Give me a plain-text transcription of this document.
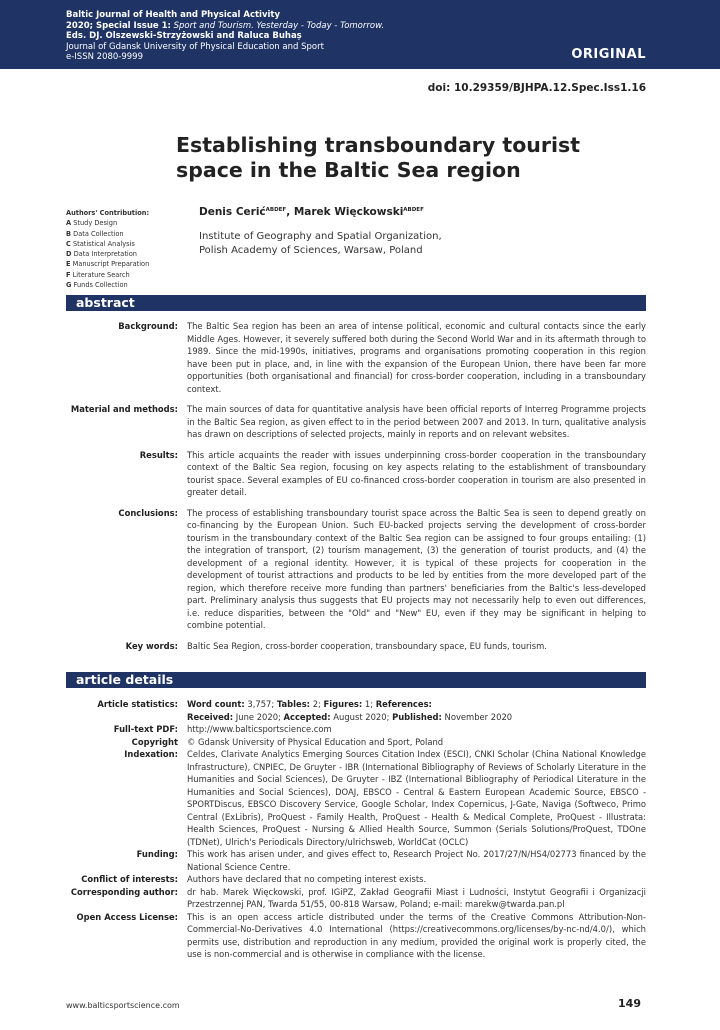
Baltic Journal of Health and Physical Activity
2020; Special Issue 1: Sport and Tourism. Yesterday - Today - Tomorrow.
Eds. DJ. Olszewski-Strzyżowski and Raluca Buhaș
Journal of Gdansk University of Physical Education and Sport
e-ISSN 2080-9999	ORIGINAL
doi: 10.29359/BJHPA.12.Spec.Iss1.16
Establishing transboundary tourist space in the Baltic Sea region
Authors' Contribution:
A Study Design
B Data Collection
C Statistical Analysis
D Data Interpretation
E Manuscript Preparation
F Literature Search
G Funds Collection
Denis Cerić$^{ABDEF}$, Marek Więckowski$^{ABDEF}$
Institute of Geography and Spatial Organization,
Polish Academy of Sciences, Warsaw, Poland
abstract
Background: The Baltic Sea region has been an area of intense political, economic and cultural contacts since the early Middle Ages. However, it severely suffered both during the Second World War and in its aftermath through to 1989. Since the mid-1990s, initiatives, programs and organisations promoting cooperation in this region have been put in place, and, in line with the expansion of the European Union, there have been far more opportunities (both organisational and financial) for cross-border cooperation, including in a transboundary context.
Material and methods: The main sources of data for quantitative analysis have been official reports of Interreg Programme projects in the Baltic Sea region, as given effect to in the period between 2007 and 2013. In turn, qualitative analysis has drawn on descriptions of selected projects, mainly in reports and on relevant websites.
Results: This article acquaints the reader with issues underpinning cross-border cooperation in the transboundary context of the Baltic Sea region, focusing on key aspects relating to the establishment of transboundary tourist space. Several examples of EU co-financed cross-border cooperation in tourism are also presented in greater detail.
Conclusions: The process of establishing transboundary tourist space across the Baltic Sea is seen to depend greatly on co-financing by the European Union. Such EU-backed projects serving the development of cross-border tourism in the transboundary context of the Baltic Sea region can be assigned to four groups entailing: (1) the integration of transport, (2) tourism management, (3) the generation of tourist products, and (4) the development of a regional identity. However, it is typical of these projects for cooperation in the development of tourist attractions and products to be led by entities from the more developed part of the region, which therefore receive more funding than partners' beneficiaries from the Baltic's less-developed part. Preliminary analysis thus suggests that EU projects may not necessarily help to even out differences, i.e. reduce disparities, between the "Old" and "New" EU, even if they may be significant in helping to combine potential.
Key words: Baltic Sea Region, cross-border cooperation, transboundary space, EU funds, tourism.
article details
Article statistics: Word count: 3,757; Tables: 2; Figures: 1; References:
Received: June 2020; Accepted: August 2020; Published: November 2020
Full-text PDF: http://www.balticsportscience.com
Copyright © Gdansk University of Physical Education and Sport, Poland
Indexation: Celdes, Clarivate Analytics Emerging Sources Citation Index (ESCI), CNKI Scholar (China National Knowledge Infrastructure), CNPIEC, De Gruyter - IBR (International Bibliography of Reviews of Scholarly Literature in the Humanities and Social Sciences), De Gruyter - IBZ (International Bibliography of Periodical Literature in the Humanities and Social Sciences), DOAJ, EBSCO - Central & Eastern European Academic Source, EBSCO - SPORTDiscus, EBSCO Discovery Service, Google Scholar, Index Copernicus, J-Gate, Naviga (Softweco, Primo Central (ExLibris), ProQuest - Family Health, ProQuest - Health & Medical Complete, ProQuest - Illustrata: Health Sciences, ProQuest - Nursing & Allied Health Source, Summon (Serials Solutions/ProQuest, TDOne (TDNet), Ulrich's Periodicals Directory/ulrichsweb, WorldCat (OCLC)
Funding: This work has arisen under, and gives effect to, Research Project No. 2017/27/N/HS4/02773 financed by the National Science Centre.
Conflict of interests: Authors have declared that no competing interest exists.
Corresponding author: dr hab. Marek Więckowski, prof. IGiPZ, Zakład Geografii Miast i Ludności, Instytut Geografii i Organizacji Przestrzennej PAN, Twarda 51/55, 00-818 Warsaw, Poland; e-mail: marekw@twarda.pan.pl
Open Access License: This is an open access article distributed under the terms of the Creative Commons Attribution-Non-Commercial-No-Derivatives 4.0 International (https://creativecommons.org/licenses/by-nc-nd/4.0/), which permits use, distribution and reproduction in any medium, provided the original work is properly cited, the use is non-commercial and is otherwise in compliance with the license.
www.balticsportscience.com	149
